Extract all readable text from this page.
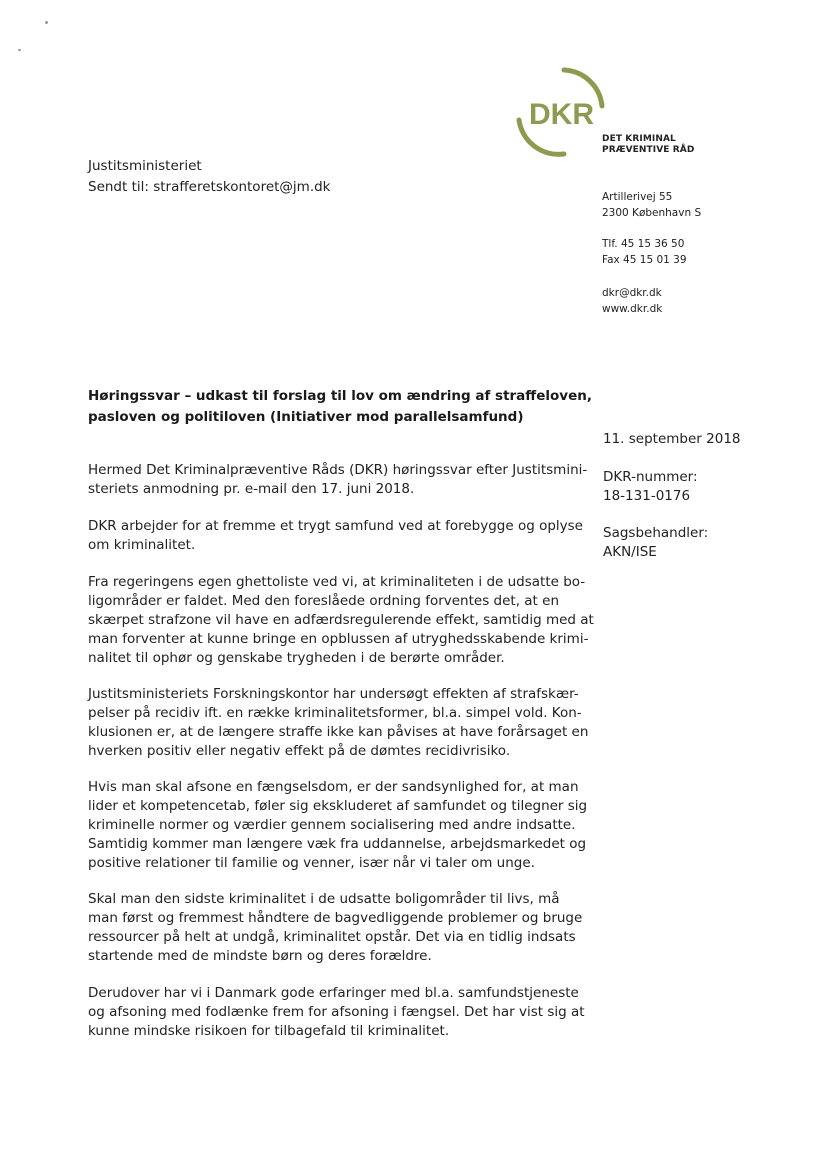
DKR
DET KRIMINAL
PRÆVENTIVE RÅD
Artillerivej 55
2300 København S
Tlf. 45 15 36 50
Fax 45 15 01 39
dkr@dkr.dk
www.dkr.dk
Justitsministeriet
Sendt til: strafferetskontoret@jm.dk
Høringssvar – udkast til forslag til lov om ændring af straffeloven,
pasloven og politiloven (Initiativer mod parallelsamfund)
11. september 2018
DKR-nummer:
18-131-0176
Sagsbehandler:
AKN/ISE
Hermed Det Kriminalpræventive Råds (DKR) høringssvar efter Justitsmini-
steriets anmodning pr. e-mail den 17. juni 2018.
DKR arbejder for at fremme et trygt samfund ved at forebygge og oplyse
om kriminalitet.
Fra regeringens egen ghettoliste ved vi, at kriminaliteten i de udsatte bo-
ligområder er faldet. Med den foreslåede ordning forventes det, at en
skærpet strafzone vil have en adfærdsregulerende effekt, samtidig med at
man forventer at kunne bringe en opblussen af utryghedsskabende krimi-
nalitet til ophør og genskabe trygheden i de berørte områder.
Justitsministeriets Forskningskontor har undersøgt effekten af strafskær-
pelser på recidiv ift. en række kriminalitetsformer, bl.a. simpel vold. Kon-
klusionen er, at de længere straffe ikke kan påvises at have forårsaget en
hverken positiv eller negativ effekt på de dømtes recidivrisiko.
Hvis man skal afsone en fængselsdom, er der sandsynlighed for, at man
lider et kompetencetab, føler sig ekskluderet af samfundet og tilegner sig
kriminelle normer og værdier gennem socialisering med andre indsatte.
Samtidig kommer man længere væk fra uddannelse, arbejdsmarkedet og
positive relationer til familie og venner, især når vi taler om unge.
Skal man den sidste kriminalitet i de udsatte boligområder til livs, må
man først og fremmest håndtere de bagvedliggende problemer og bruge
ressourcer på helt at undgå, kriminalitet opstår. Det via en tidlig indsats
startende med de mindste børn og deres forældre.
Derudover har vi i Danmark gode erfaringer med bl.a. samfundstjeneste
og afsoning med fodlænke frem for afsoning i fængsel. Det har vist sig at
kunne mindske risikoen for tilbagefald til kriminalitet.
